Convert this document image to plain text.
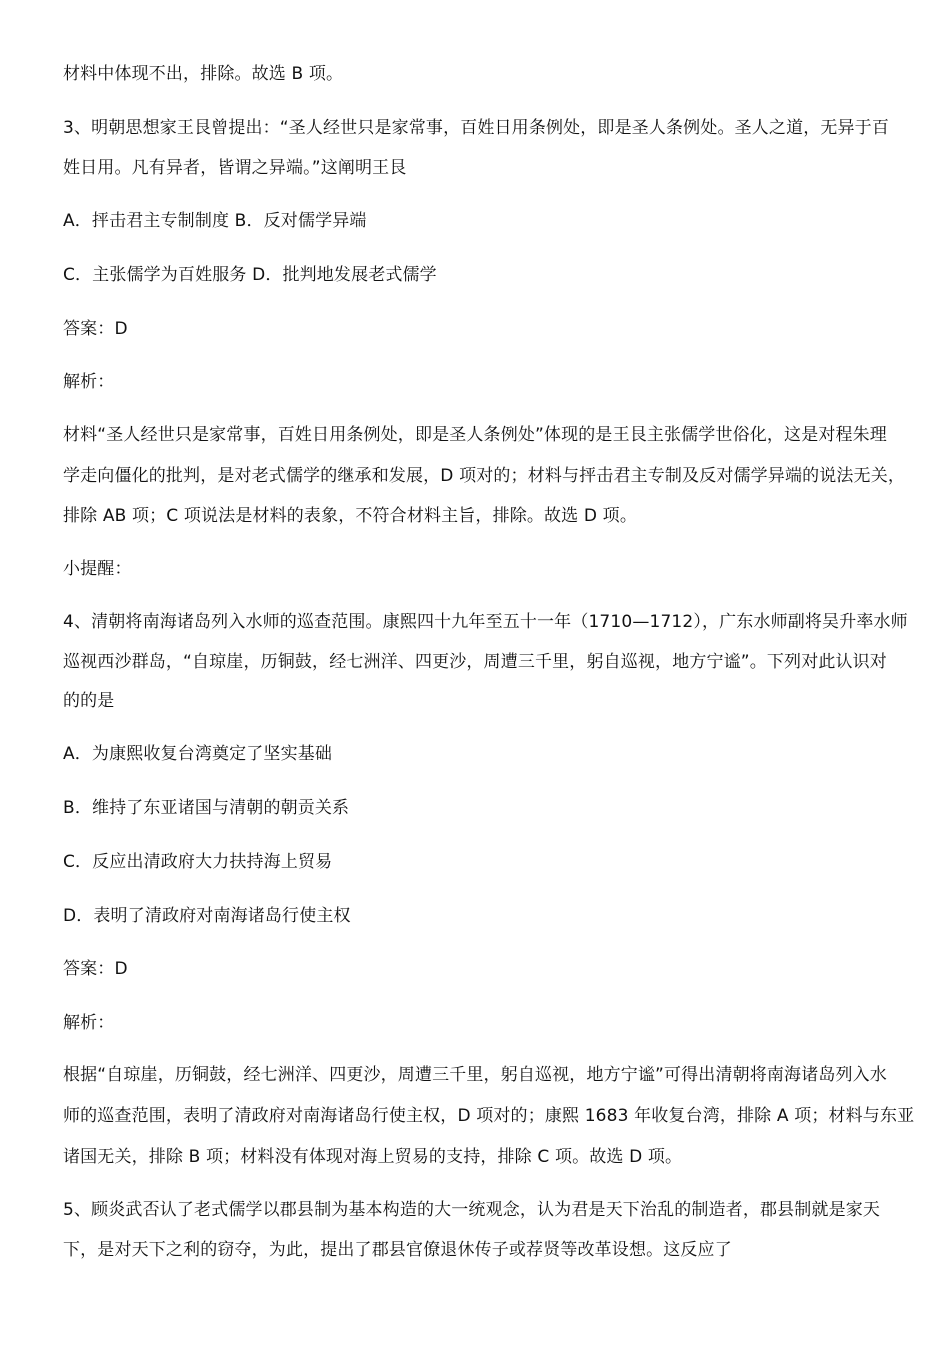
材料中体现不出，排除。故选 B 项。

3、明朝思想家王艮曾提出：“圣人经世只是家常事，百姓日用条例处，即是圣人条例处。圣人之道，无异于百

姓日用。凡有异者，皆谓之异端。”这阐明王艮

A．抨击君主专制制度 B．反对儒学异端

C．主张儒学为百姓服务 D．批判地发展老式儒学

答案：D

解析：

材料“圣人经世只是家常事，百姓日用条例处，即是圣人条例处”体现的是王艮主张儒学世俗化，这是对程朱理

学走向僵化的批判，是对老式儒学的继承和发展，D 项对的；材料与抨击君主专制及反对儒学异端的说法无关，

排除 AB 项；C 项说法是材料的表象，不符合材料主旨，排除。故选 D 项。

小提醒：

4、清朝将南海诸岛列入水师的巡查范围。康熙四十九年至五十一年（1710—1712），广东水师副将吴升率水师

巡视西沙群岛，“自琼崖，历铜鼓，经七洲洋、四更沙，周遭三千里，躬自巡视，地方宁谧”。下列对此认识对

的的是

A．为康熙收复台湾奠定了坚实基础

B．维持了东亚诸国与清朝的朝贡关系

C．反应出清政府大力扶持海上贸易

D．表明了清政府对南海诸岛行使主权

答案：D

解析：

根据“自琼崖，历铜鼓，经七洲洋、四更沙，周遭三千里，躬自巡视，地方宁谧”可得出清朝将南海诸岛列入水

师的巡查范围，表明了清政府对南海诸岛行使主权，D 项对的；康熙 1683 年收复台湾，排除 A 项；材料与东亚

诸国无关，排除 B 项；材料没有体现对海上贸易的支持，排除 C 项。故选 D 项。

5、顾炎武否认了老式儒学以郡县制为基本构造的大一统观念，认为君是天下治乱的制造者，郡县制就是家天

下，是对天下之利的窃夺，为此，提出了郡县官僚退休传子或荐贤等改革设想。这反应了
